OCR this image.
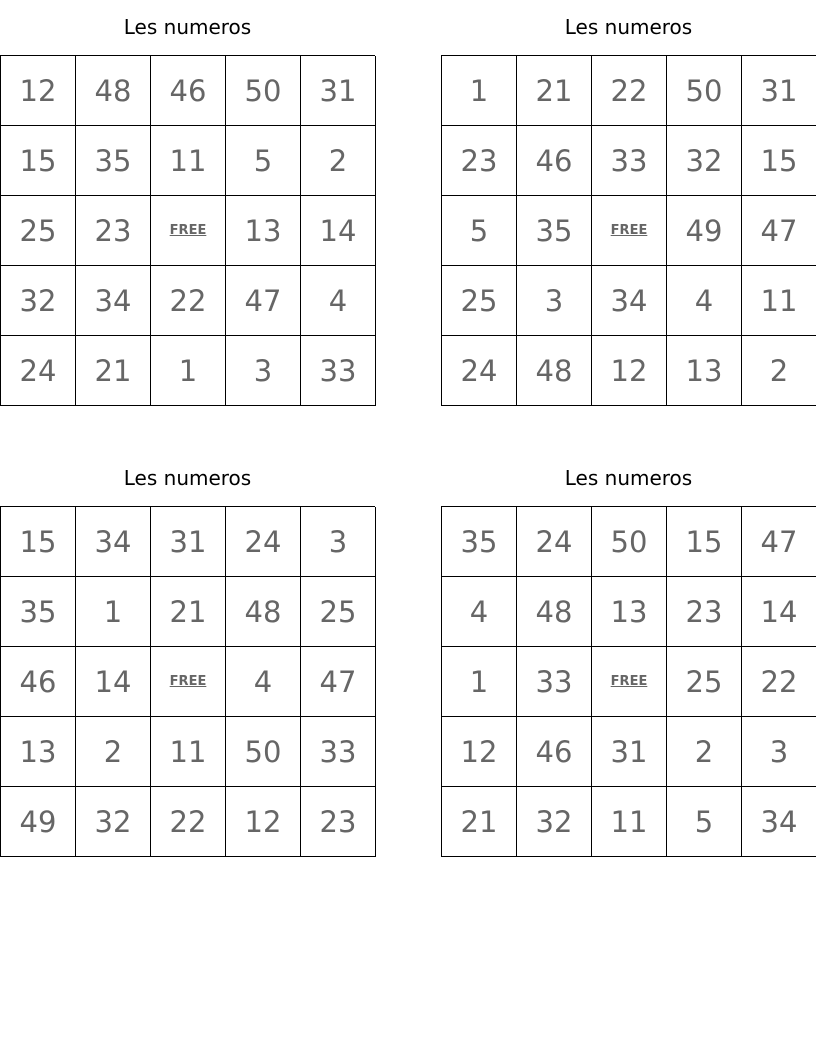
Les numeros
12	48	46	50	31
15	35	11	5	2
25	23	FREE	13	14
32	34	22	47	4
24	21	1	3	33
Les numeros
1	21	22	50	31
23	46	33	32	15
5	35	FREE	49	47
25	3	34	4	11
24	48	12	13	2
Les numeros
15	34	31	24	3
35	1	21	48	25
46	14	FREE	4	47
13	2	11	50	33
49	32	22	12	23
Les numeros
35	24	50	15	47
4	48	13	23	14
1	33	FREE	25	22
12	46	31	2	3
21	32	11	5	34
